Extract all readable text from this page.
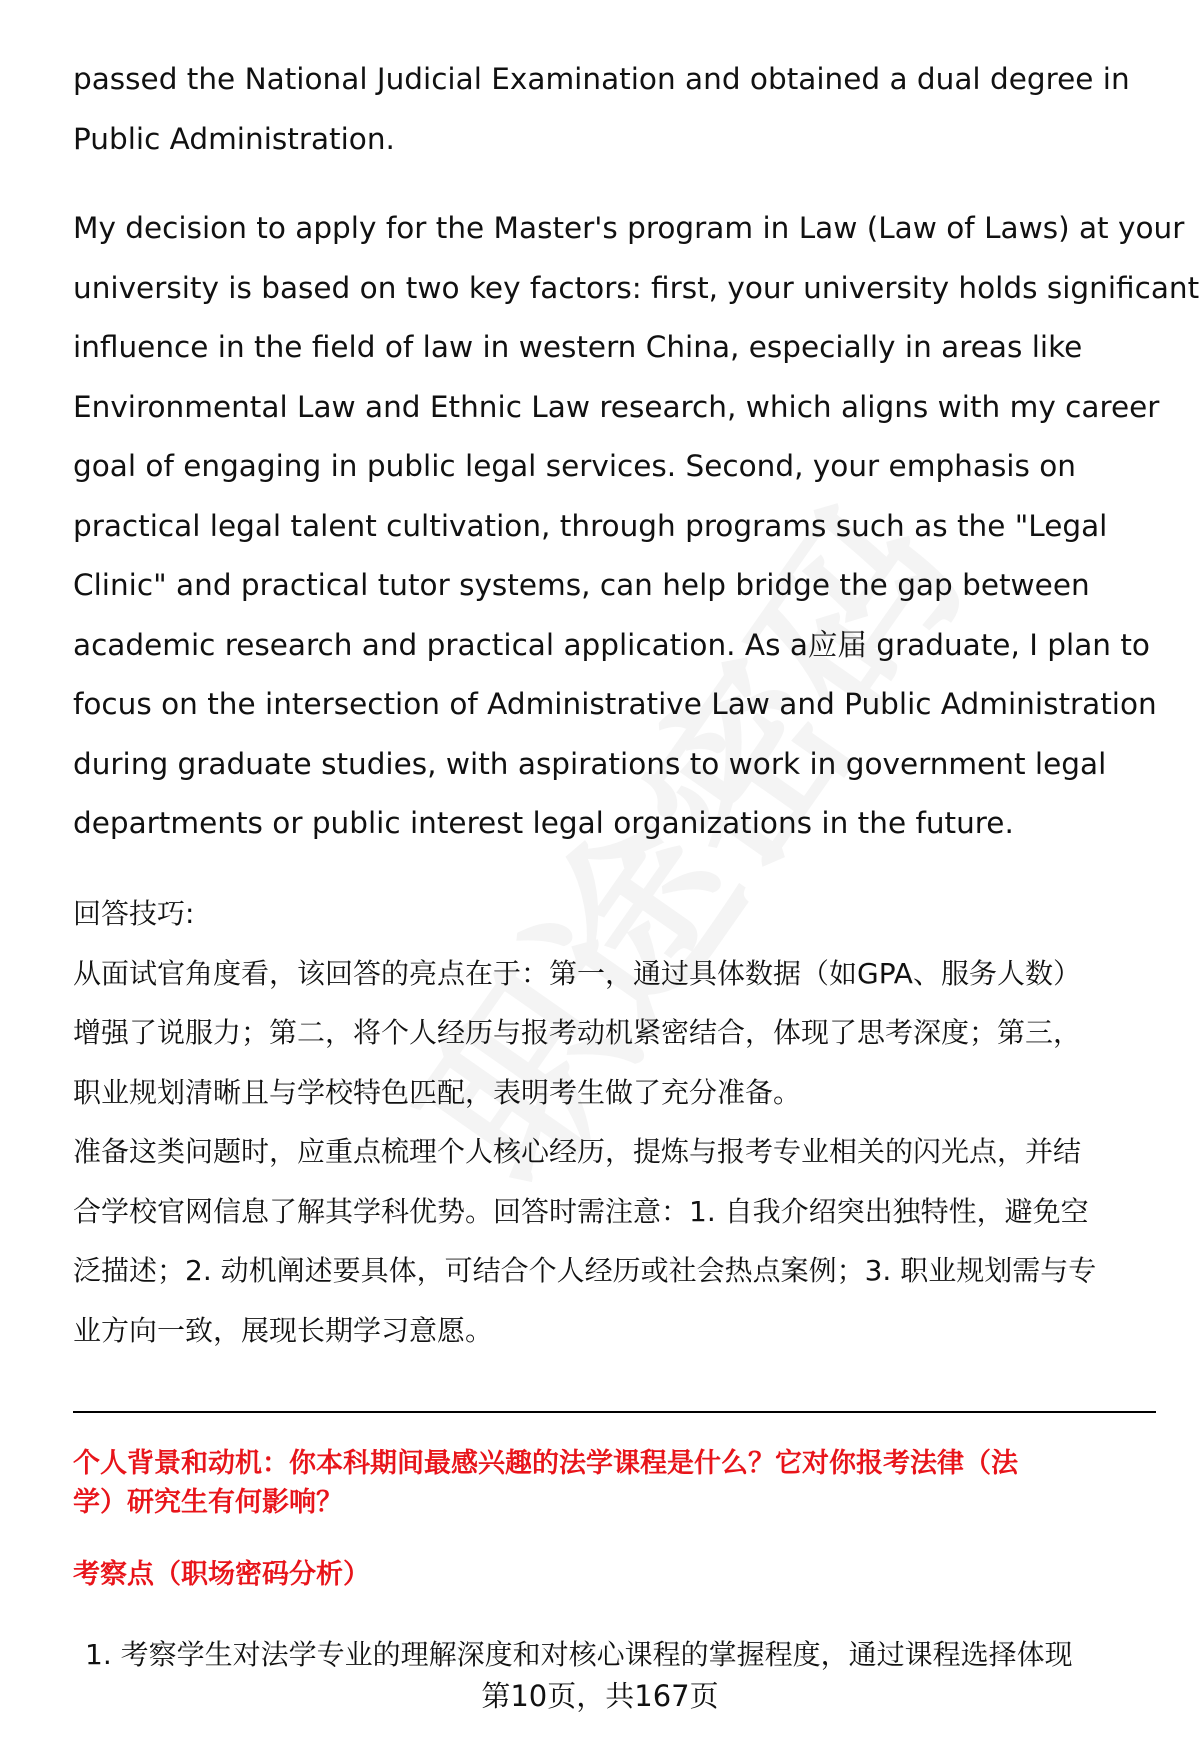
passed the National Judicial Examination and obtained a dual degree in
Public Administration.
My decision to apply for the Master's program in Law (Law of Laws) at your
university is based on two key factors: first, your university holds significant
influence in the field of law in western China, especially in areas like
Environmental Law and Ethnic Law research, which aligns with my career
goal of engaging in public legal services. Second, your emphasis on
practical legal talent cultivation, through programs such as the "Legal
Clinic" and practical tutor systems, can help bridge the gap between
academic research and practical application. As a应届 graduate, I plan to
focus on the intersection of Administrative Law and Public Administration
during graduate studies, with aspirations to work in government legal
departments or public interest legal organizations in the future.
回答技巧:
从面试官角度看，该回答的亮点在于：第一，通过具体数据（如GPA、服务人数）
增强了说服力；第二，将个人经历与报考动机紧密结合，体现了思考深度；第三，
职业规划清晰且与学校特色匹配，表明考生做了充分准备。
准备这类问题时，应重点梳理个人核心经历，提炼与报考专业相关的闪光点，并结
合学校官网信息了解其学科优势。回答时需注意：1. 自我介绍突出独特性，避免空
泛描述；2. 动机阐述要具体，可结合个人经历或社会热点案例；3. 职业规划需与专
业方向一致，展现长期学习意愿。
个人背景和动机：你本科期间最感兴趣的法学课程是什么？它对你报考法律（法
学）研究生有何影响？
考察点（职场密码分析）
1. 考察学生对法学专业的理解深度和对核心课程的掌握程度，通过课程选择体现
第10页，共167页
